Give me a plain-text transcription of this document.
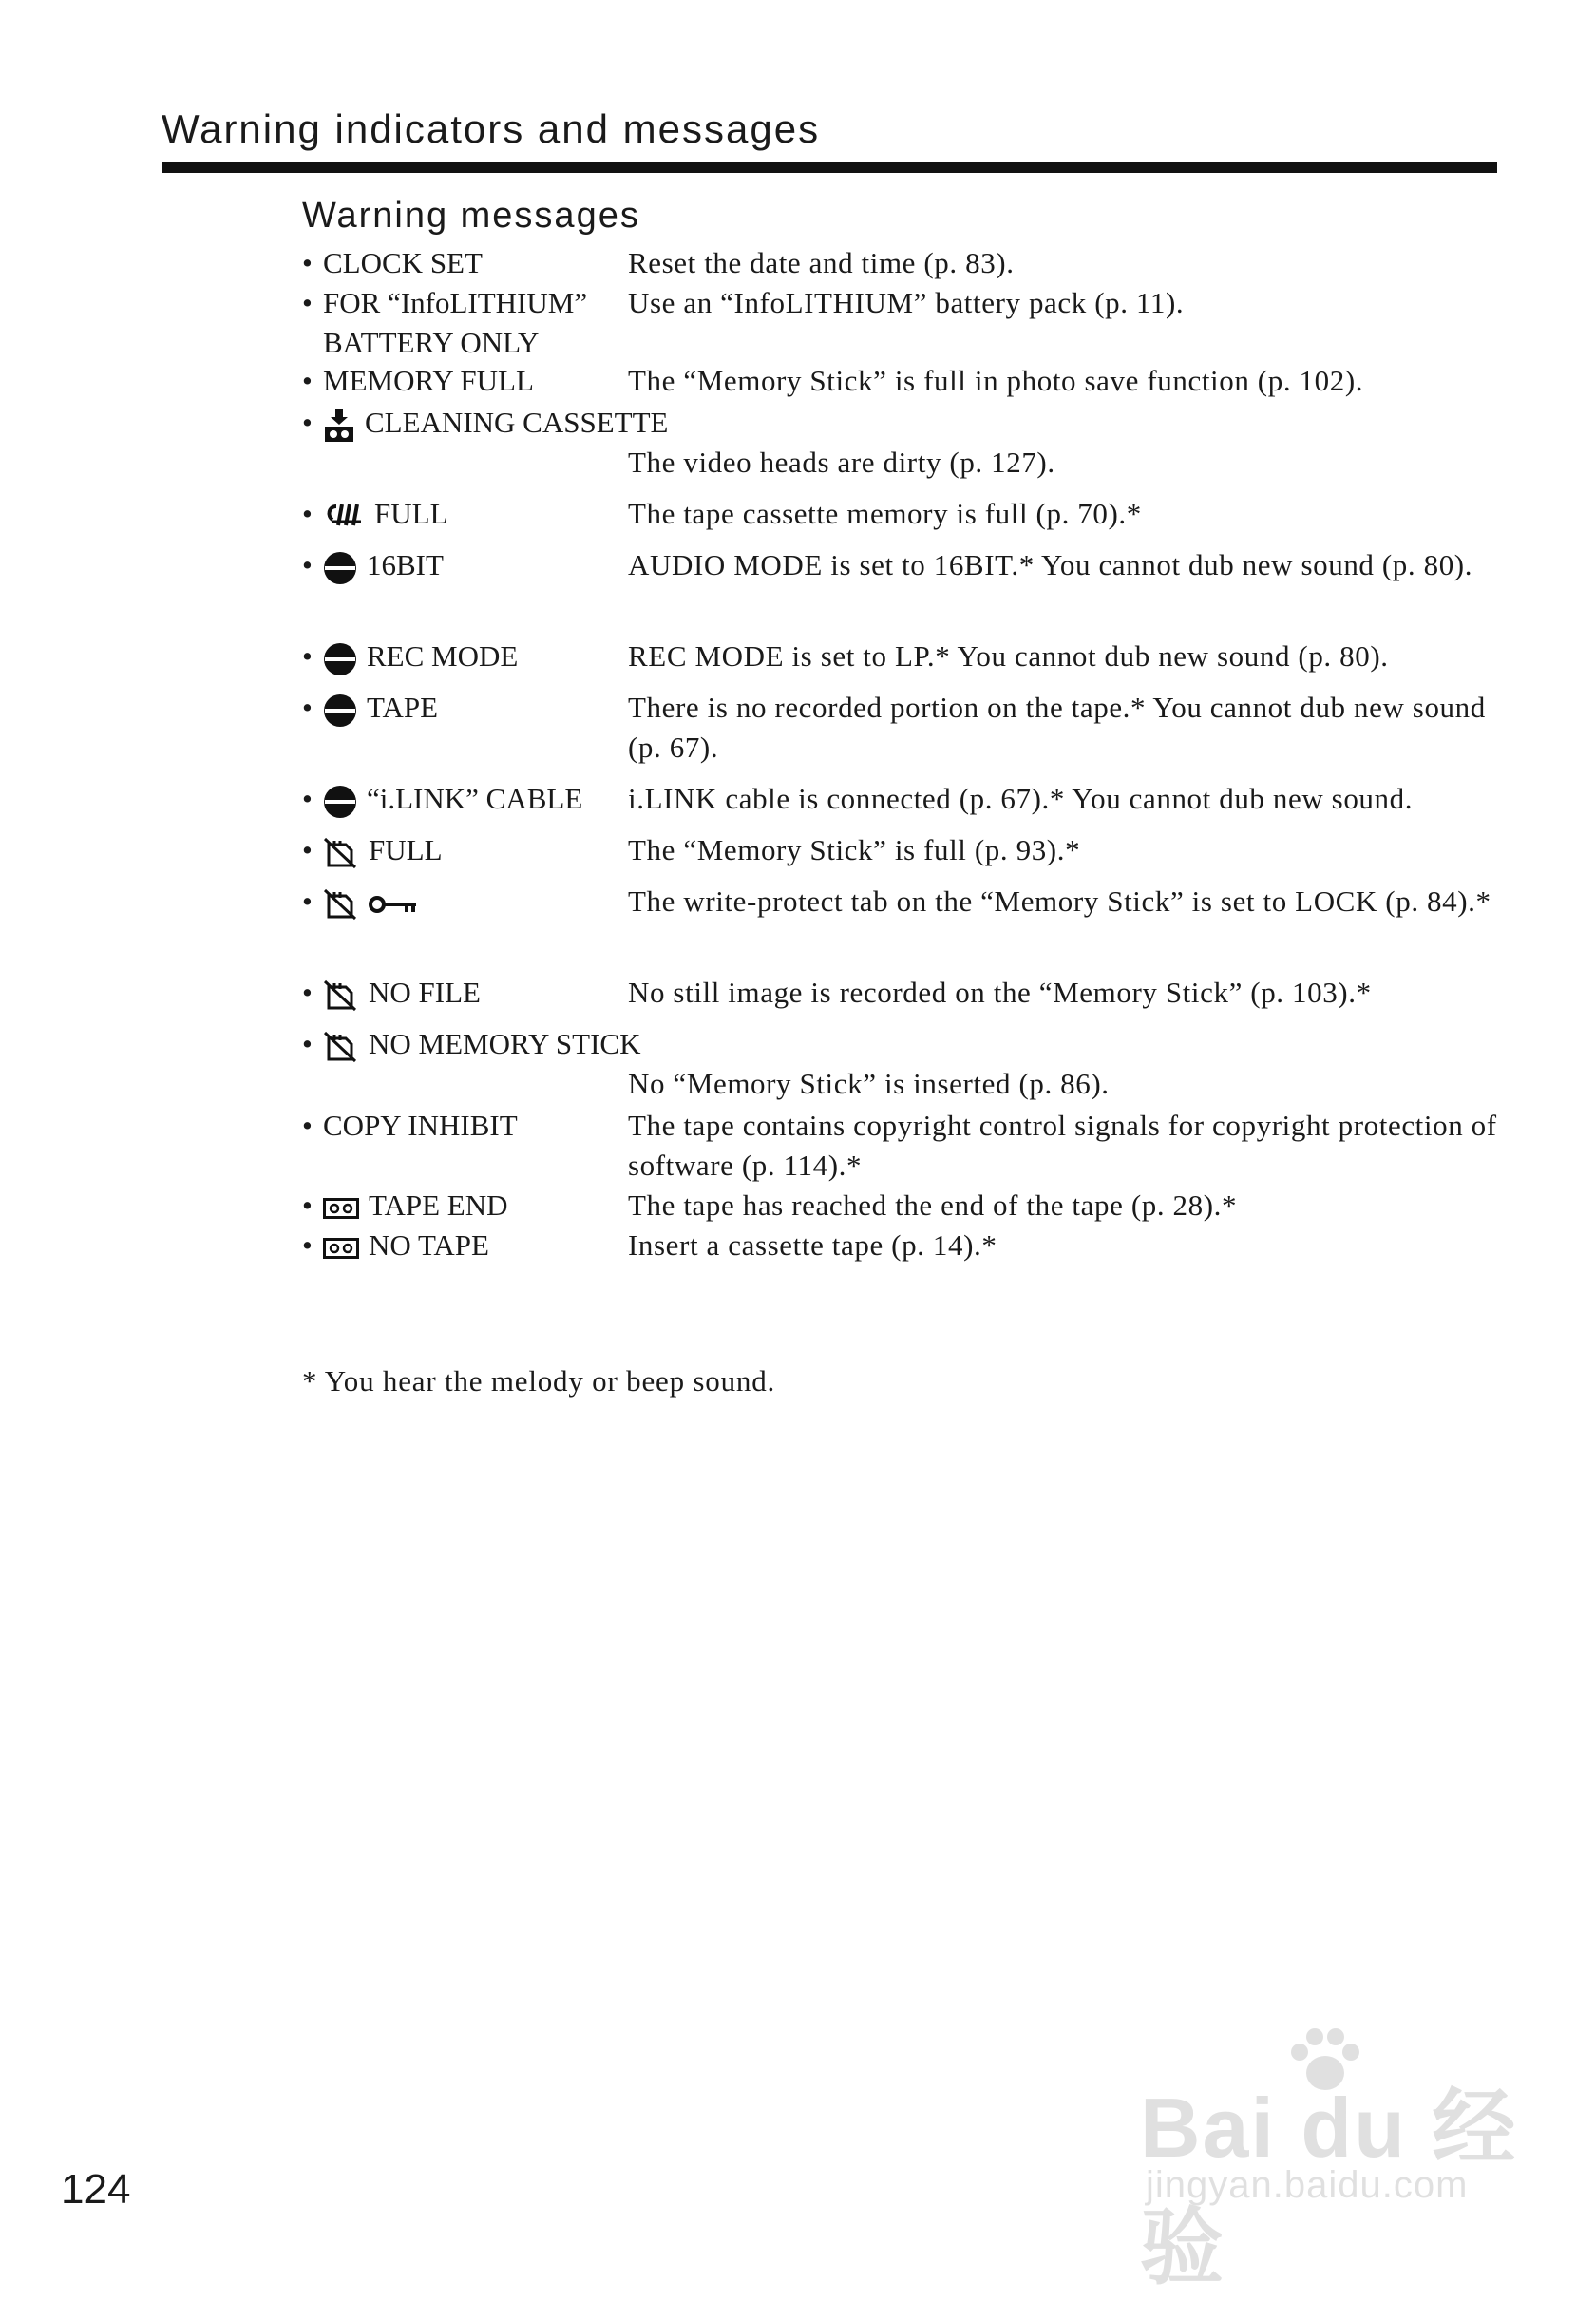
Warning indicators and messages
Warning messages
• CLOCK SET	Reset the date and time (p. 83).
• FOR “InfoLITHIUM”
BATTERY ONLY
Use an “InfoLITHIUM” battery pack (p. 11).
• MEMORY FULL	The “Memory Stick” is full in photo save function (p. 102).
• CLEANING CASSETTE
The video heads are dirty (p. 127).
• FULL	The tape cassette memory is full (p. 70).*
• 16BIT	AUDIO MODE is set to 16BIT.* You cannot dub new sound (p. 80).
• REC MODE	REC MODE is set to LP.* You cannot dub new sound (p. 80).
• TAPE	There is no recorded portion on the tape.* You cannot dub new sound (p. 67).
• “i.LINK” CABLE	i.LINK cable is connected (p. 67).* You cannot dub new sound.
• FULL	The “Memory Stick” is full (p. 93).*
•	The write-protect tab on the “Memory Stick” is set to LOCK (p. 84).*
• NO FILE	No still image is recorded on the “Memory Stick” (p. 103).*
• NO MEMORY STICK
No “Memory Stick” is inserted (p. 86).
• COPY INHIBIT	The tape contains copyright control signals for copyright protection of software (p. 114).*
• TAPE END	The tape has reached the end of the tape (p. 28).*
• NO TAPE	Insert a cassette tape (p. 14).*
* You hear the melody or beep sound.
124
Bai du 经验
jingyan.baidu.com
